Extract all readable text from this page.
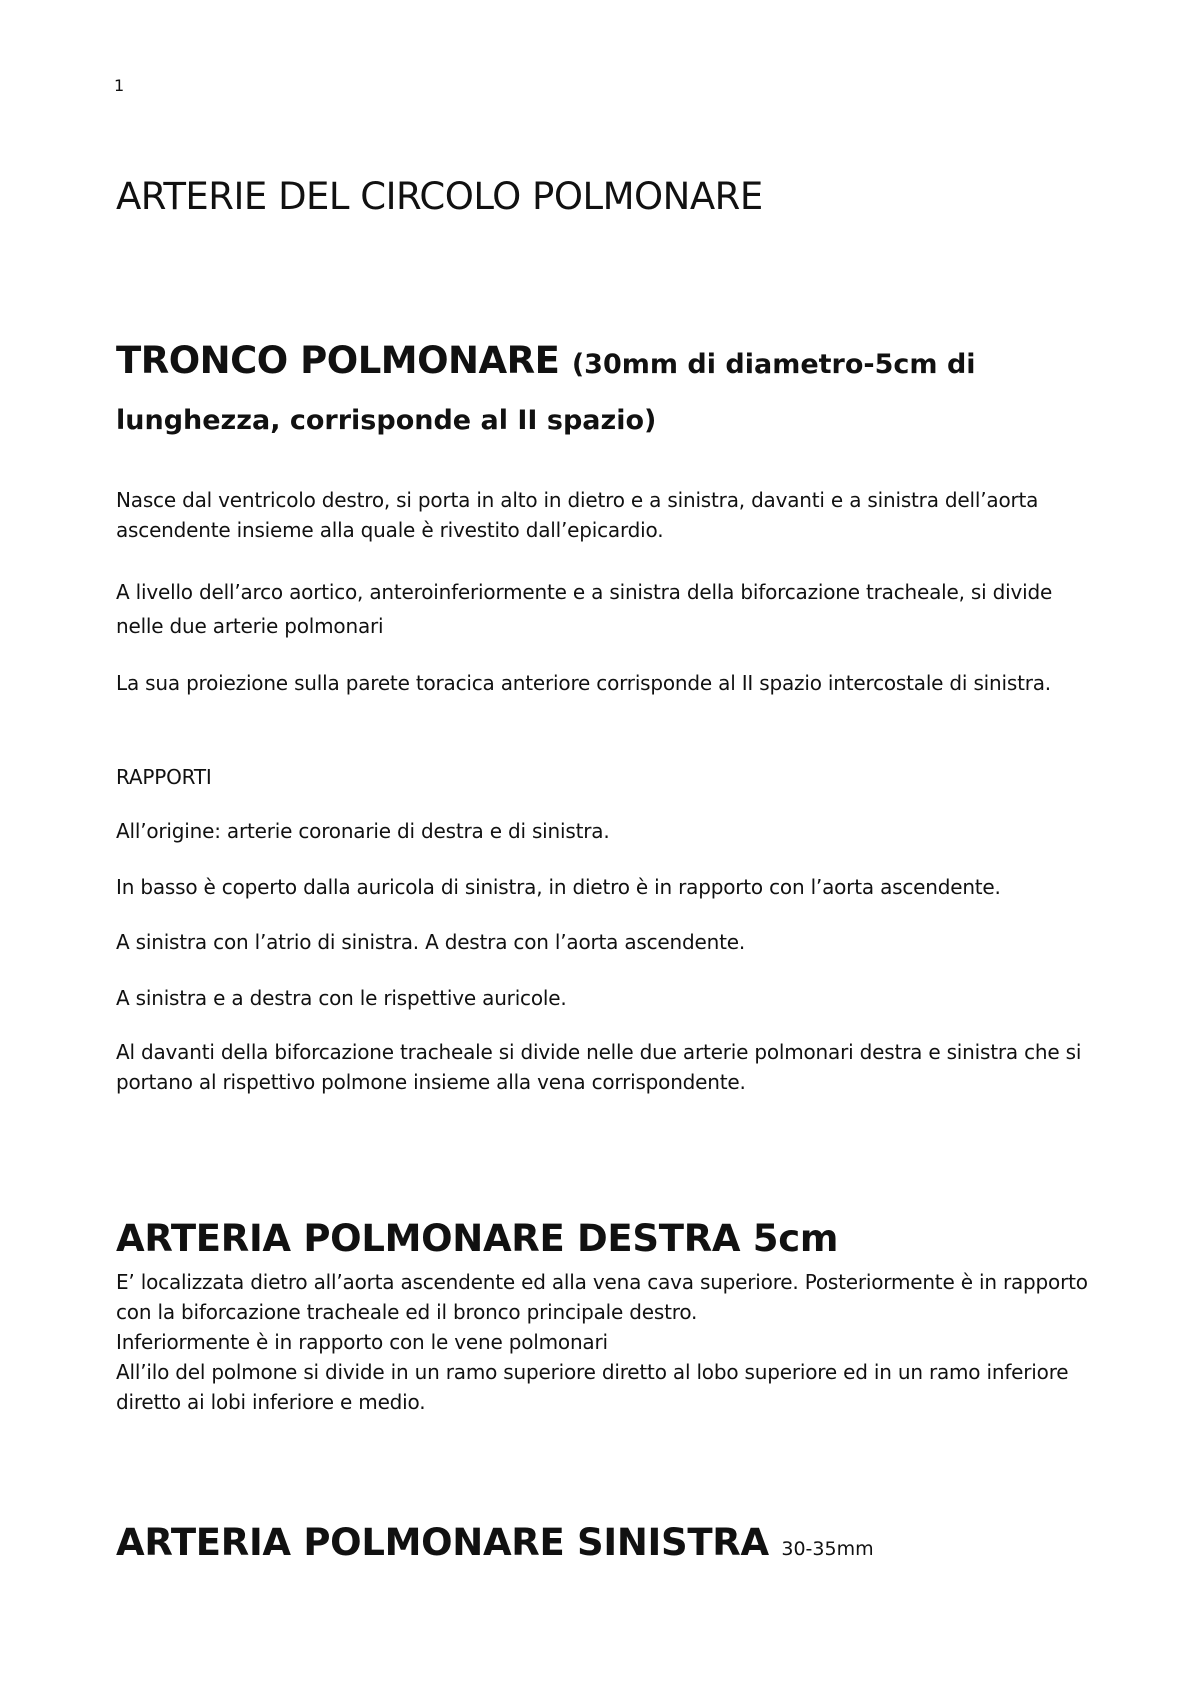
1

ARTERIE DEL CIRCOLO POLMONARE
TRONCO POLMONARE (30mm di diametro-5cm di lunghezza, corrisponde al II spazio)

Nasce dal ventricolo destro, si porta in alto in dietro e a sinistra, davanti e a sinistra dell’aorta ascendente insieme alla quale è rivestito dall’epicardio.

A livello dell’arco aortico, anteroinferiormente e a sinistra della biforcazione tracheale, si divide nelle due arterie polmonari

La sua proiezione sulla parete toracica anteriore corrisponde al II spazio intercostale di sinistra.

RAPPORTI

All’origine: arterie coronarie di destra e di sinistra.

In basso è coperto dalla auricola di sinistra, in dietro è in rapporto con l’aorta ascendente.

A sinistra con l’atrio di sinistra. A destra con l’aorta ascendente.

A sinistra e a destra con le rispettive auricole.

Al davanti della biforcazione tracheale si divide nelle due arterie polmonari destra e sinistra che si portano al rispettivo polmone insieme alla vena corrispondente.

ARTERIA POLMONARE DESTRA 5cm
E’ localizzata dietro all’aorta ascendente ed alla vena cava superiore. Posteriormente è in rapporto con la biforcazione tracheale ed il bronco principale destro.
Inferiormente è in rapporto con le vene polmonari
All’ilo del polmone si divide in un ramo superiore diretto al lobo superiore ed in un ramo inferiore diretto ai lobi inferiore e medio.
ARTERIA POLMONARE SINISTRA 30-35mm
